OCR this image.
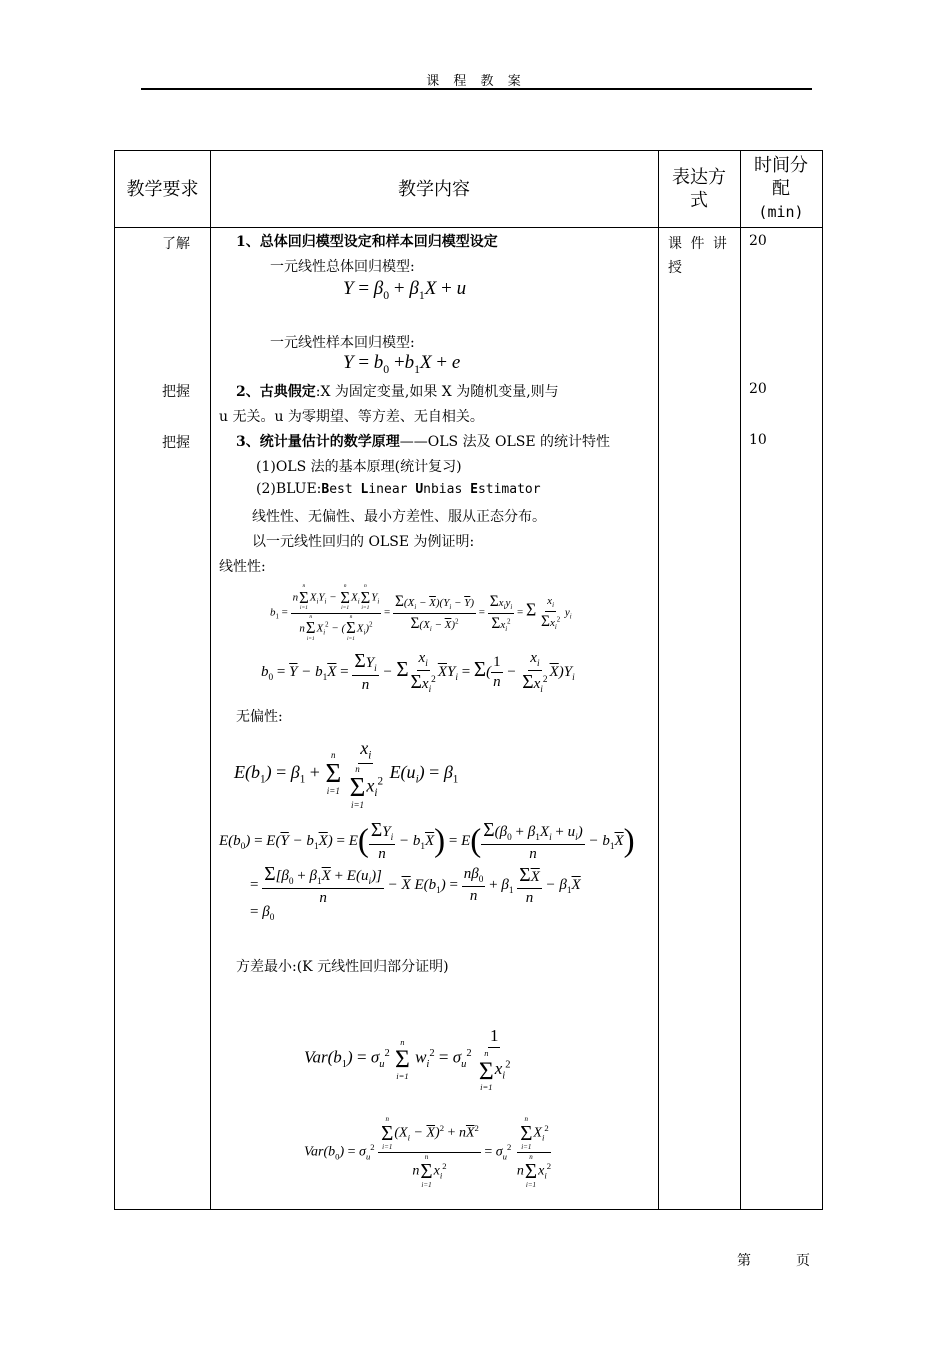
课 程 教 案
教学要求	教学内容
表达方
式
时间分
配
(min)
了解
把握
把握
课 件 讲
授
20
20
10
1、总体回归模型设定和样本回归模型设定
一元线性总体回归模型:
$Y = \beta_0 + \beta_1X + u$
一元线性样本回归模型:
$Y = b_0 +b_1X + e$
2、古典假定:X 为固定变量,如果 X 为随机变量,则与
u 无关。u 为零期望、等方差、无自相关。
3、统计量估计的数学原理——OLS 法及 OLSE 的统计特性
(1)OLS 法的基本原理(统计复习)
(2)BLUE:Best Linear Unbias Estimator
线性性、无偏性、最小方差性、服从正态分布。
以一元线性回归的 OLSE 为例证明:
线性性:
$b_1 = n$
n
Σ
i=1
$X_iY_i$ −
n
Σ
i=1
$X_i$
n
Σ
i=1
$Y_i$
n
n
Σ
i=1
$X_i^2$ − (
n
Σ
i=1
$X_i)^2 = \frac{\Sigma(X_i - \overline{X})(Y_i - \overline{Y})}{\Sigma(X_i - \overline{X})^2} = \frac{\Sigma x_iy_i}{\Sigma x_i^2} = \Sigma \frac{x_i}{\Sigma x_i^2} y_i$
$b_0 = \overline{Y} - b_1\overline{X} = \frac{\Sigma Y_i}{n} - \Sigma \frac{x_i}{\Sigma x_i^2} \overline{X}Y_i = \Sigma( \frac{1}{n} - \frac{x_i}{\Sigma x_i^2} \overline{X})Y_i$
无偏性:
$E(b_1) = \beta_1$ +
n
Σ
i=1
$x_i$
n
Σ
i=1
$x_i^2$ $E(u_i) = \beta_1$
$E(b_0) = E(\overline{Y} - b_1\overline{X}) = E( \frac{\Sigma Y_i}{n} - b_1\overline{X}) = E( \frac{\Sigma(\beta_0 + \beta_1X_i + u_i)}{n} - b_1\overline{X})$
= $\frac{\Sigma[\beta_0 + \beta_1\overline{X} + E(u_i)]}{n} - \overline{X}$ $E(b_1) = \frac{n\beta_0}{n} + \beta_1 \frac{\Sigma\overline{X}}{n} - \beta_1\overline{X}$
= $\beta_0$
方差最小:(K 元线性回归部分证明)
$Var(b_1) = \sigma_u^2$
n
Σ
i=1
$w_i^2 = \sigma_u^2$ 1
n
Σ
i=1
$x_i^2$
$Var(b_0) = \sigma_u^2$ n
Σ
i=1
$(X_i - \overline{X})^2 + n\overline{X}^2$
n
n
Σ
i=1
$x_i^2 = \sigma_u^2$ n
Σ
i=1
$X_i^2$
n
n
Σ
i=1
$x_i^2$
第	页
